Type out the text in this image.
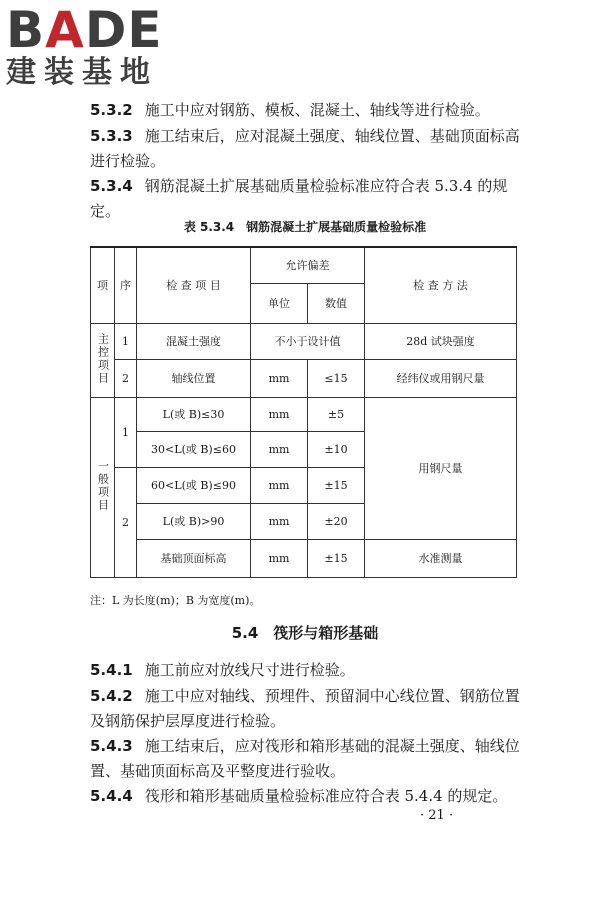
BADE
建装基地
5.3.2 施工中应对钢筋、模板、混凝土、轴线等进行检验。
5.3.3 施工结束后，应对混凝土强度、轴线位置、基础顶面标高进行检验。
5.3.4 钢筋混凝土扩展基础质量检验标准应符合表 5.3.4 的规定。
表 5.3.4　钢筋混凝土扩展基础质量检验标准
项	序	检 查 项 目	允许偏差		检 查 方 法
			单位	数值	
主控项目	1	混凝土强度	不小于设计值		28d 试块强度
	2	轴线位置	mm	≤15	经纬仪或用钢尺量
一般项目	1	L(或 B)≤30	mm	±5	用钢尺量
		30<L(或 B)≤60	mm	±10	
	2	60<L(或 B)≤90	mm	±15	
		L(或 B)>90	mm	±20	
		基础顶面标高	mm	±15	水准测量
注：L 为长度(m)；B 为宽度(m)。
5.4　筏形与箱形基础
5.4.1 施工前应对放线尺寸进行检验。
5.4.2 施工中应对轴线、预埋件、预留洞中心线位置、钢筋位置及钢筋保护层厚度进行检验。
5.4.3 施工结束后，应对筏形和箱形基础的混凝土强度、轴线位置、基础顶面标高及平整度进行验收。
5.4.4 筏形和箱形基础质量检验标准应符合表 5.4.4 的规定。
· 21 ·
